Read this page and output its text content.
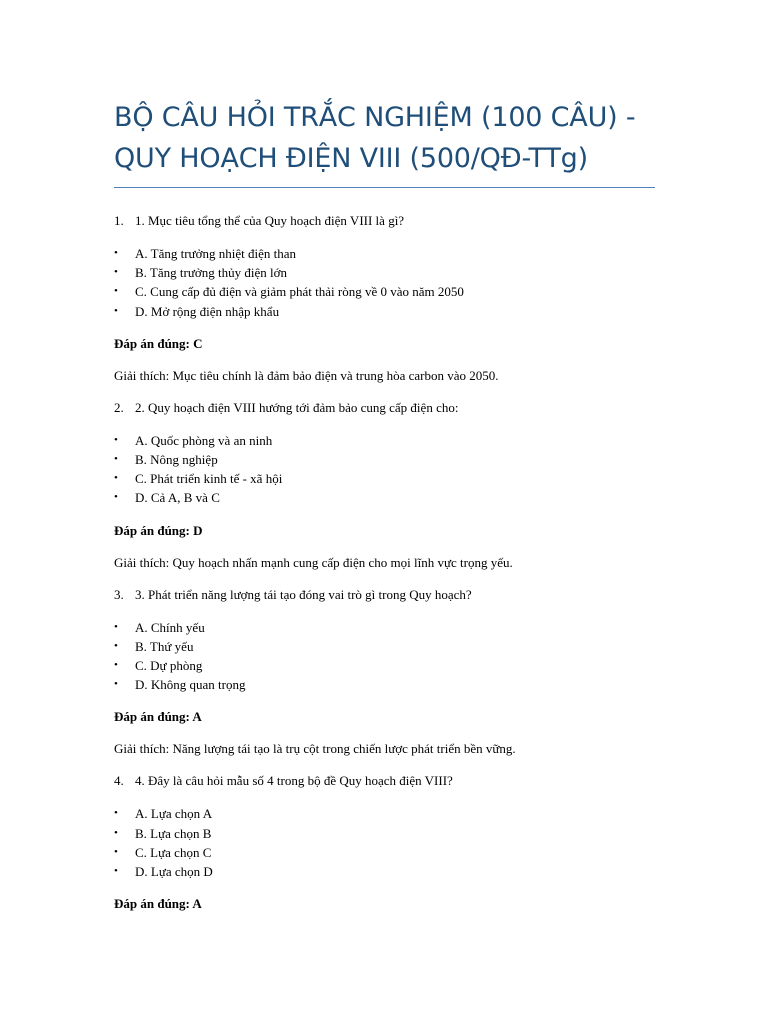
BỘ CÂU HỎI TRẮC NGHIỆM (100 CÂU) - QUY HOẠCH ĐIỆN VIII (500/QĐ-TTg)
1. 1. Mục tiêu tổng thể của Quy hoạch điện VIII là gì?
• A. Tăng trưởng nhiệt điện than
• B. Tăng trưởng thủy điện lớn
• C. Cung cấp đủ điện và giảm phát thải ròng về 0 vào năm 2050
• D. Mở rộng điện nhập khẩu

Đáp án đúng: C

Giải thích: Mục tiêu chính là đảm bảo điện và trung hòa carbon vào 2050.

2. 2. Quy hoạch điện VIII hướng tới đảm bảo cung cấp điện cho:
• A. Quốc phòng và an ninh
• B. Nông nghiệp
• C. Phát triển kinh tế - xã hội
• D. Cả A, B và C

Đáp án đúng: D

Giải thích: Quy hoạch nhấn mạnh cung cấp điện cho mọi lĩnh vực trọng yếu.

3. 3. Phát triển năng lượng tái tạo đóng vai trò gì trong Quy hoạch?
• A. Chính yếu
• B. Thứ yếu
• C. Dự phòng
• D. Không quan trọng

Đáp án đúng: A

Giải thích: Năng lượng tái tạo là trụ cột trong chiến lược phát triển bền vững.

4. 4. Đây là câu hỏi mẫu số 4 trong bộ đề Quy hoạch điện VIII?
• A. Lựa chọn A
• B. Lựa chọn B
• C. Lựa chọn C
• D. Lựa chọn D

Đáp án đúng: A
